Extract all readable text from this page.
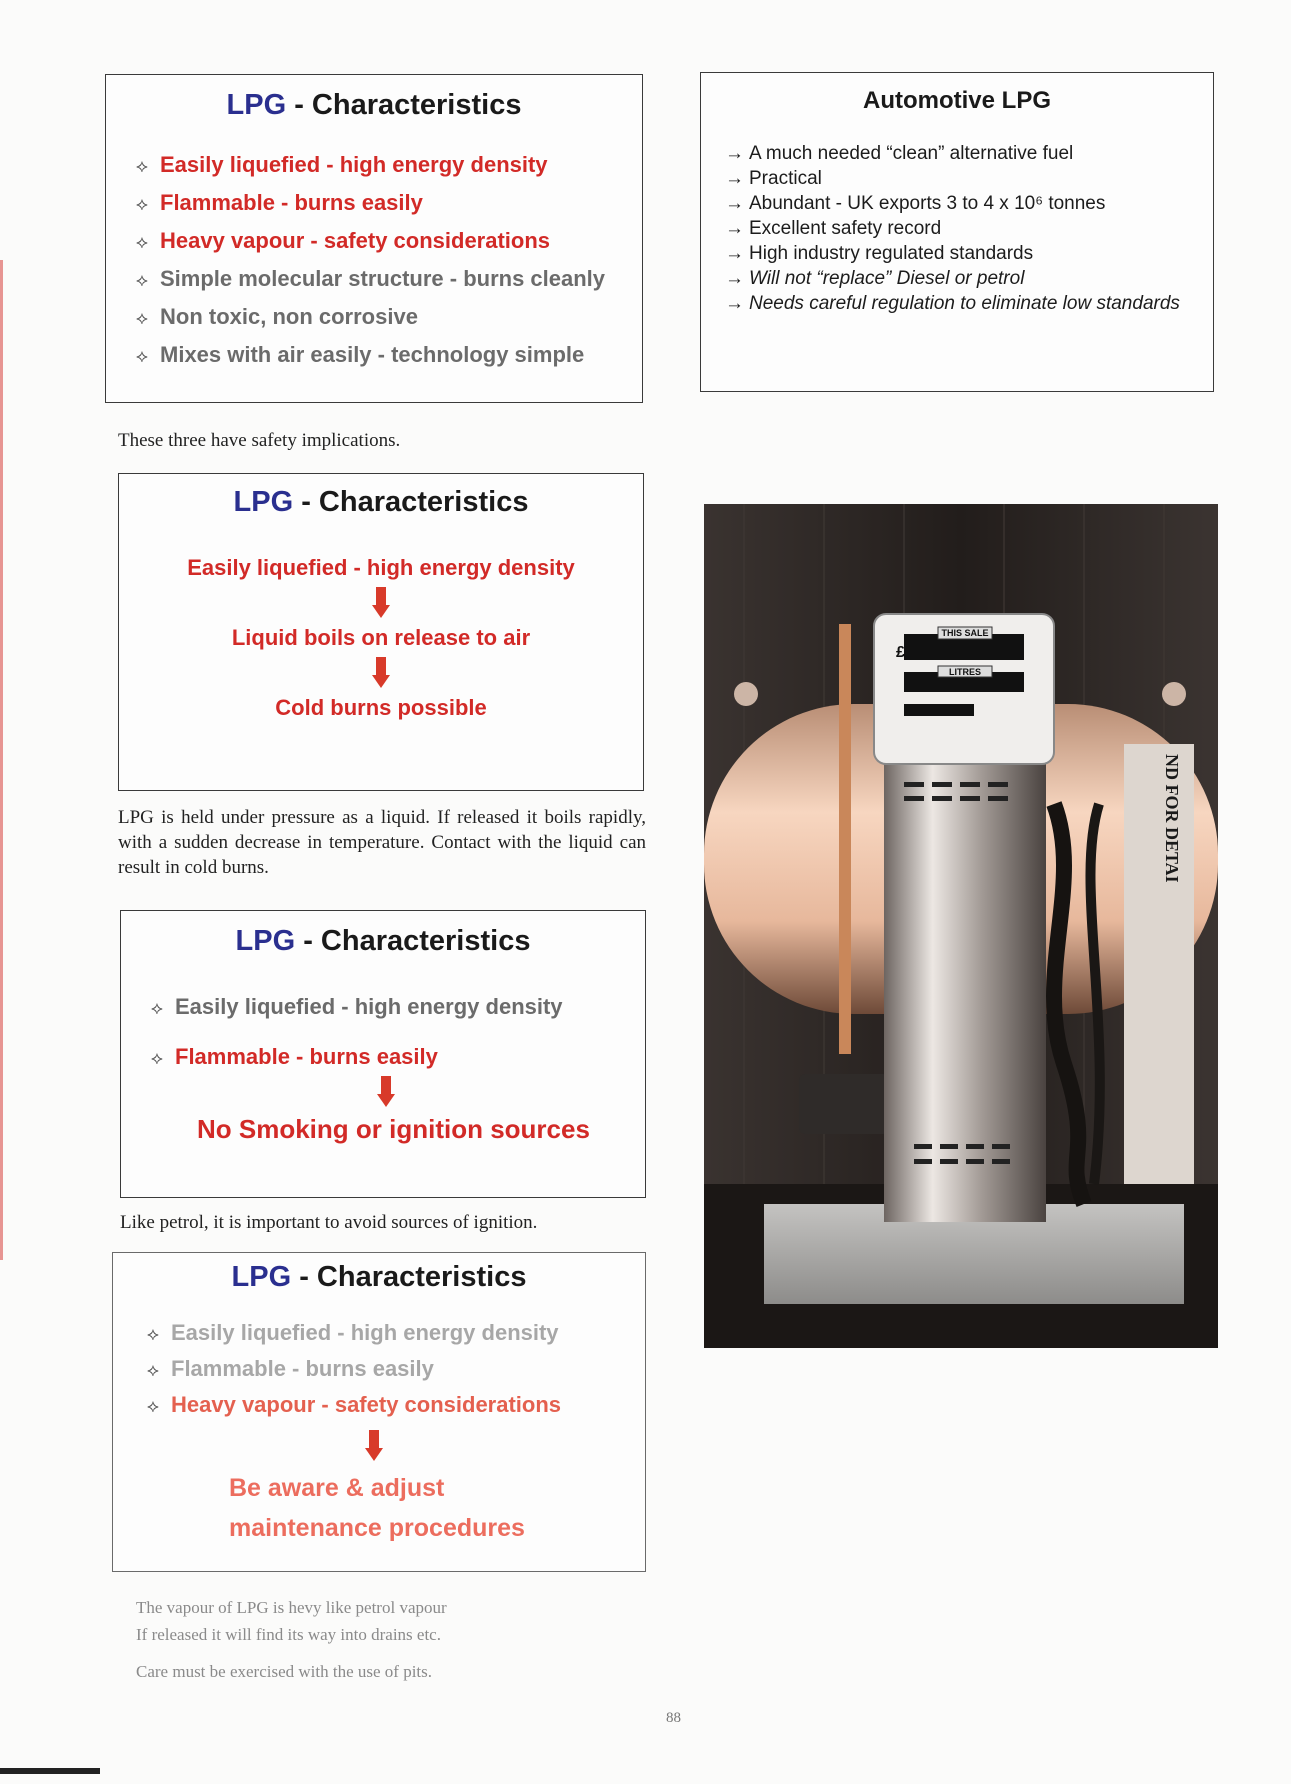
LPG - Characteristics
⟡ Easily liquefied - high energy density
⟡ Flammable - burns easily
⟡ Heavy vapour - safety considerations
⟡ Simple molecular structure - burns cleanly
⟡ Non toxic, non corrosive
⟡ Mixes with air easily - technology simple
Automotive LPG
→ A much needed “clean” alternative fuel
→ Practical
→ Abundant - UK exports 3 to 4 x 10⁶ tonnes
→ Excellent safety record
→ High industry regulated standards
→ Will not “replace” Diesel or petrol
→ Needs careful regulation to eliminate low standards
These three have safety implications.
LPG - Characteristics
Easily liquefied - high energy density
Liquid boils on release to air
Cold burns possible
LPG is held under pressure as a liquid. If released it boils rapidly, with a sudden decrease in temperature. Contact with the liquid can result in cold burns.
LPG - Characteristics
⟡ Easily liquefied - high energy density
⟡ Flammable - burns easily
No Smoking or ignition sources
Like petrol, it is important to avoid sources of ignition.
LPG - Characteristics
⟡ Easily liquefied - high energy density
⟡ Flammable - burns easily
⟡ Heavy vapour - safety considerations
Be aware & adjust
maintenance procedures
The vapour of LPG is hevy like petrol vapour
If released it will find its way into drains etc.
Care must be exercised with the use of pits.
THIS SALE
£
LITRES
ND FOR DETAI
88
